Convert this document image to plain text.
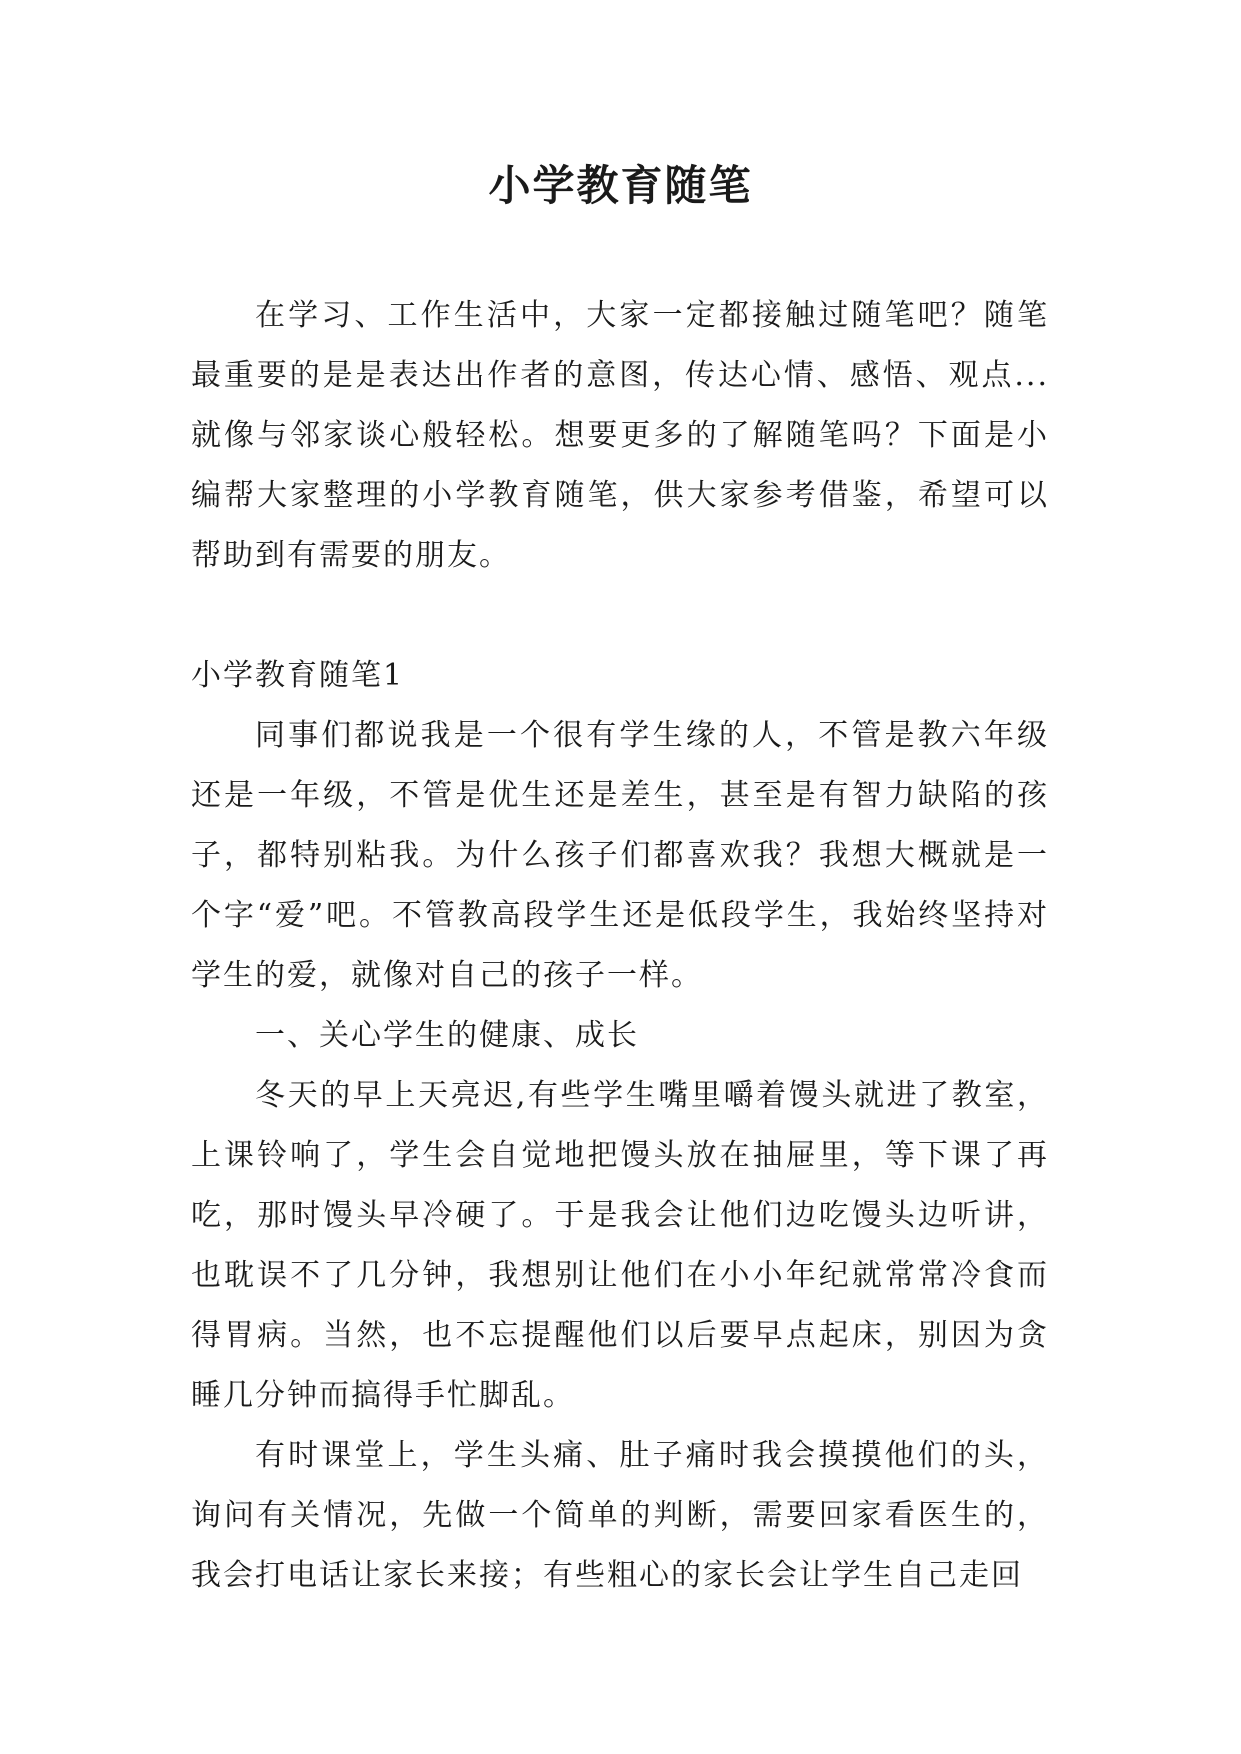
小学教育随笔

在学习、工作生活中，大家一定都接触过随笔吧？随笔最重要的是是表达出作者的意图，传达心情、感悟、观点...就像与邻家谈心般轻松。想要更多的了解随笔吗？下面是小编帮大家整理的小学教育随笔，供大家参考借鉴，希望可以帮助到有需要的朋友。

小学教育随笔1

同事们都说我是一个很有学生缘的人，不管是教六年级还是一年级，不管是优生还是差生，甚至是有智力缺陷的孩子，都特别粘我。为什么孩子们都喜欢我？我想大概就是一个字“爱”吧。不管教高段学生还是低段学生，我始终坚持对学生的爱，就像对自己的孩子一样。

一、关心学生的健康、成长

冬天的早上天亮迟,有些学生嘴里嚼着馒头就进了教室，上课铃响了，学生会自觉地把馒头放在抽屉里，等下课了再吃，那时馒头早冷硬了。于是我会让他们边吃馒头边听讲，也耽误不了几分钟，我想别让他们在小小年纪就常常冷食而得胃病。当然，也不忘提醒他们以后要早点起床，别因为贪睡几分钟而搞得手忙脚乱。

有时课堂上，学生头痛、肚子痛时我会摸摸他们的头，询问有关情况，先做一个简单的判断，需要回家看医生的，我会打电话让家长来接；有些粗心的家长会让学生自己走回
